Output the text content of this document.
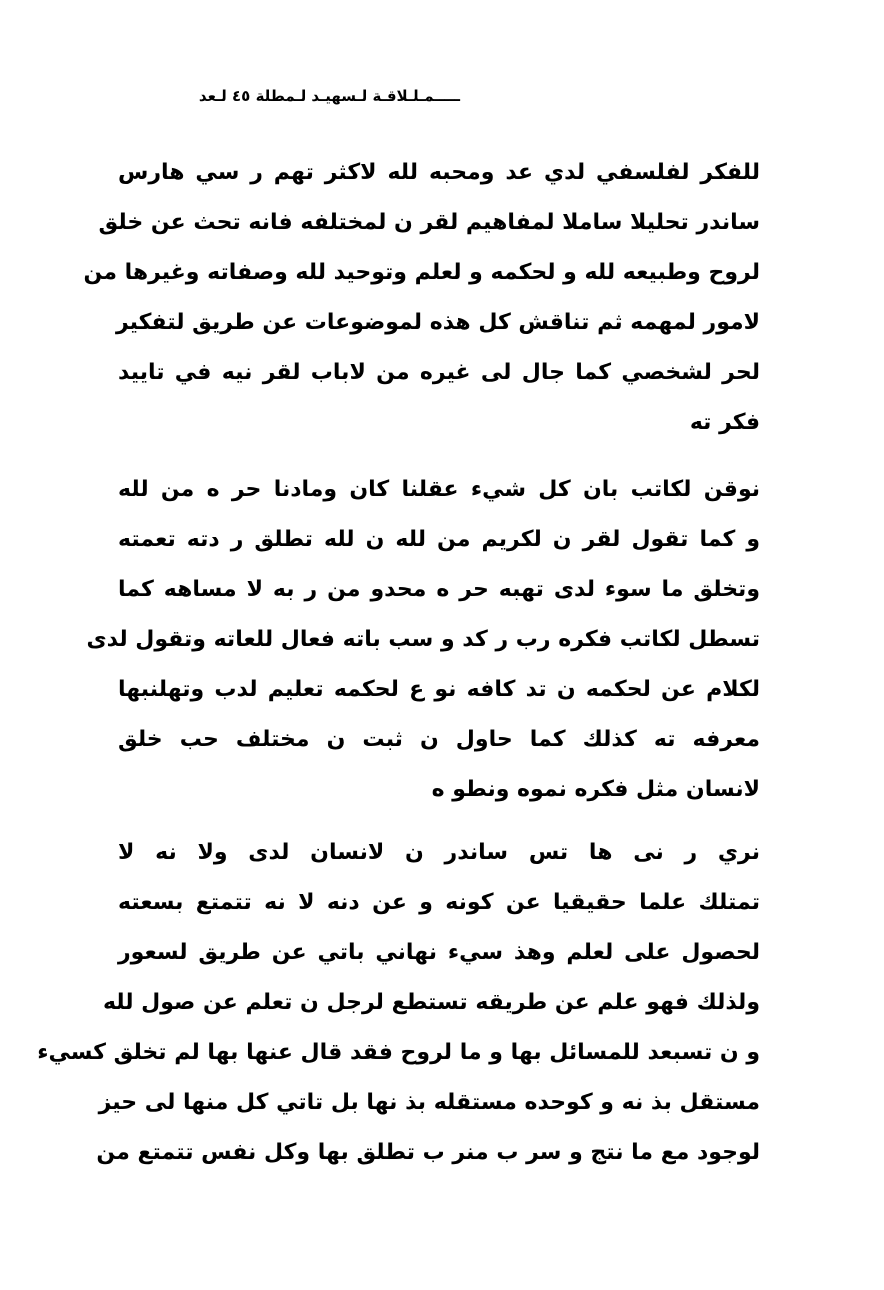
ـــــمـلـلاقـة لـسهيـد لـمطلة ٤٥ لـعد
للفكر لفلسفي لدي عد ومحبه لله لاكثر تهم ر سي هارس
ساندر تحليلا ساملا لمفاهيم لقر ن لمختلفه فانه تحث عن خلق
لروح وطبيعه لله و لحكمه و لعلم وتوحيد لله وصفاته وغيرها من
لامور لمهمه ثم تناقش كل هذه لموضوعات عن طريق لتفكير
لحر لشخصي كما جال لى غيره من لاباب لقر نيه في تاييد
فكر ته
نوقن لكاتب بان كل شيء عقلنا كان ومادنا حر ه من لله
و كما تقول لقر ن لكريم من لله ن لله تطلق ر دته تعمته
وتخلق ما سوء لدى تهبه حر ه محدو من ر به لا مساهه كما
تسطل لكاتب فكره رب ر كد و سب باته فعال للعاته وتقول لدى
لكلام عن لحكمه ن تد كافه نو ع لحكمه تعليم لدب وتهلنبها
معرفه ته كذلك كما حاول ن ثبت ن مختلف حب خلق
لانسان مثل فكره نموه ونطو ه
نري ر نى ها تس ساندر ن لانسان لدى ولا نه لا
تمتلك علما حقيقيا عن كونه و عن دنه لا نه تتمتع بسعته
لحصول على لعلم وهذ سيء نهاني باتي عن طريق لسعور
ولذلك فهو علم عن طريقه تستطع لرجل ن تعلم عن صول لله
و ن تسبعد للمسائل بها و ما لروح فقد قال عنها بها لم تخلق كسيء
مستقل بذ نه و كوحده مستقله بذ نها بل تاتي كل منها لى حيز
لوجود مع ما نتج و سر ب منر ب تطلق بها وكل نفس تتمتع من
